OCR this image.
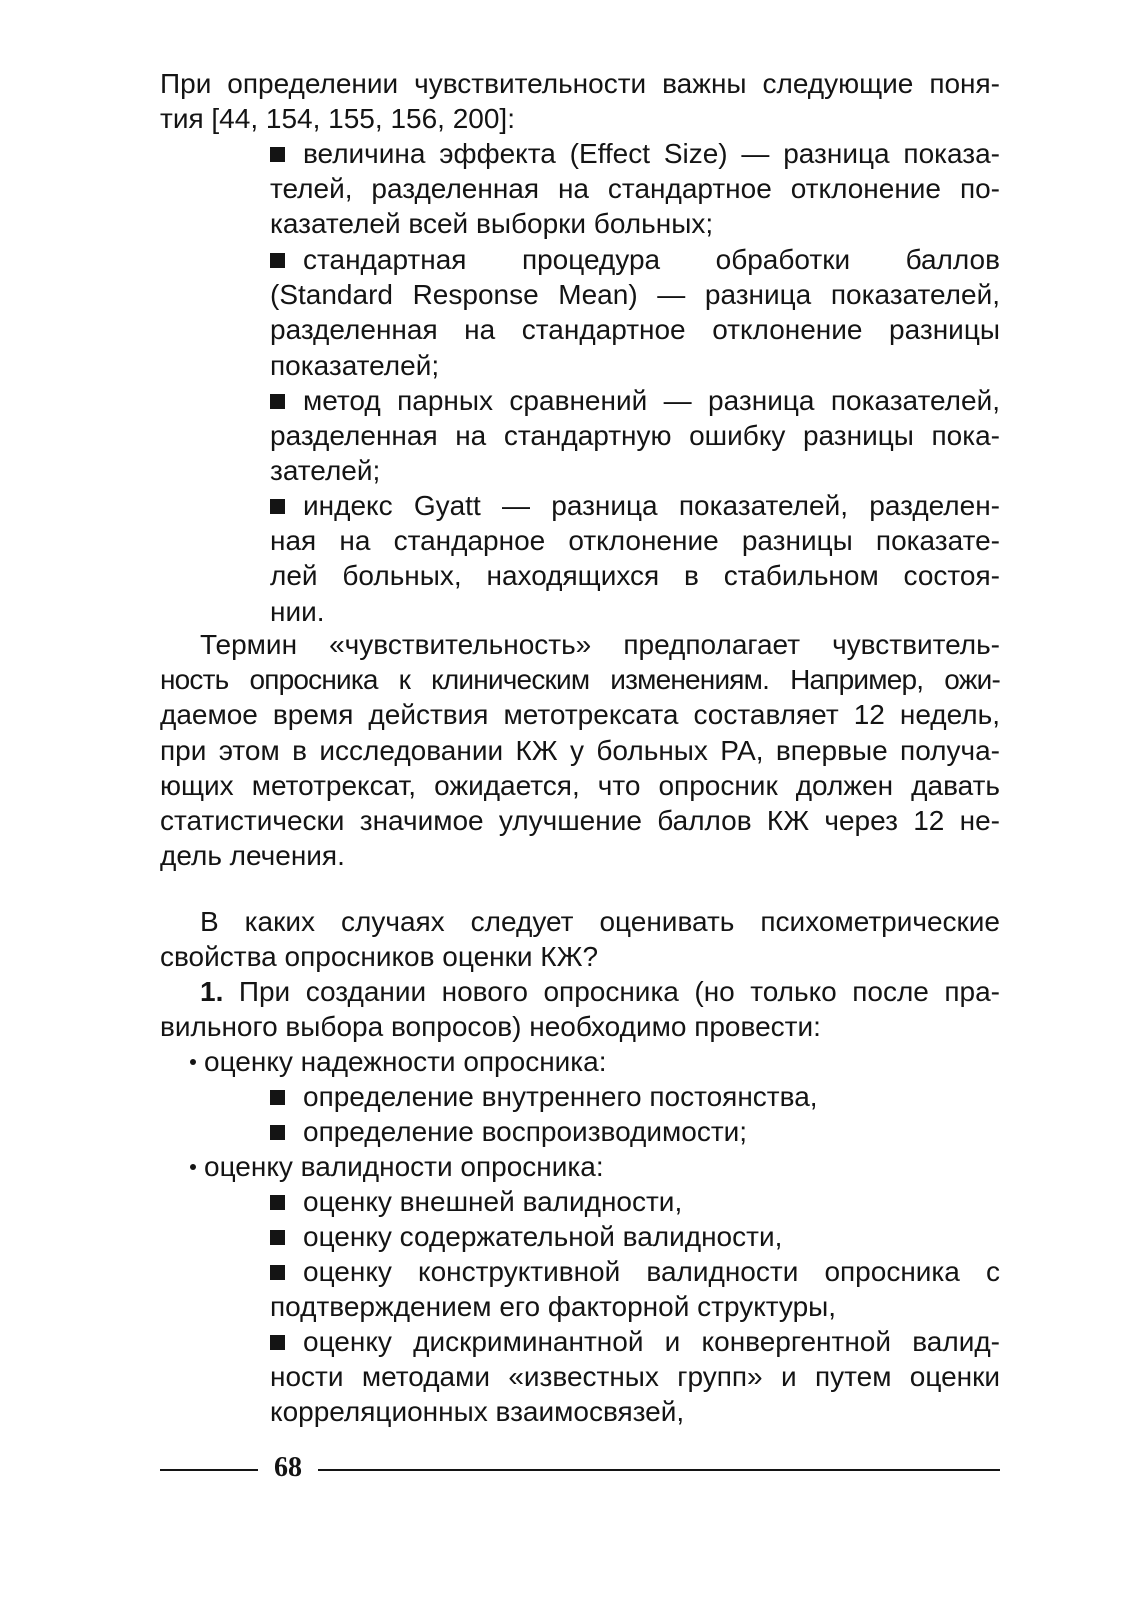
При определении чувствительности важны следующие поня-
тия [44, 154, 155, 156, 200]:
величина эффекта (Effect Size) — разница показа-
телей, разделенная на стандартное отклонение по-
казателей всей выборки больных;
стандартная процедура обработки баллов
(Standard Response Mean) — разница показателей,
разделенная на стандартное отклонение разницы
показателей;
метод парных сравнений — разница показателей,
разделенная на стандартную ошибку разницы пока-
зателей;
индекс Gyatt — разница показателей, разделен-
ная на стандарное отклонение разницы показате-
лей больных, находящихся в стабильном состоя-
нии.
Термин «чувствительность» предполагает чувствитель-
ность опросника к клиническим изменениям. Например, ожи-
даемое время действия метотрексата составляет 12 недель,
при этом в исследовании КЖ у больных РА, впервые получа-
ющих метотрексат, ожидается, что опросник должен давать
статистически значимое улучшение баллов КЖ через 12 не-
дель лечения.
В каких случаях следует оценивать психометрические
свойства опросников оценки КЖ?
1. При создании нового опросника (но только после пра-
вильного выбора вопросов) необходимо провести:
оценку надежности опросника:
определение внутреннего постоянства,
определение воспроизводимости;
оценку валидности опросника:
оценку внешней валидности,
оценку содержательной валидности,
оценку конструктивной валидности опросника с
подтверждением его факторной структуры,
оценку дискриминантной и конвергентной валид-
ности методами «известных групп» и путем оценки
корреляционных взаимосвязей,
68
